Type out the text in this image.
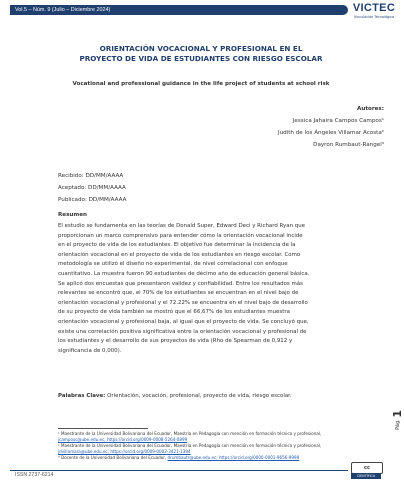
Vol.5 – Núm. 9 (Julio – Diciembre 2024)	VICTEC
Vinculación Tecnológica
ORIENTACIÓN VOCACIONAL Y PROFESIONAL EN EL
PROYECTO DE VIDA DE ESTUDIANTES CON RIESGO ESCOLAR
Vocational and professional guidance in the life project of students at school risk
Autores:
Jessica Jahaira Campos Campos¹
Judith de los Ángeles Villamar Acosta²
Dayron Rumbaut-Rangel³
Recibido: DD/MM/AAAA
Aceptado: DD/MM/AAAA
Publicado: DD/MM/AAAA
Resumen
El estudio se fundamenta en las teorías de Donald Super, Edward Deci y Richard Ryan que
proporcionan un marco comprensivo para entender cómo la orientación vocacional incide
en el proyecto de vida de los estudiantes. El objetivo fue determinar la incidencia de la
orientación vocacional en el proyecto de vida de los estudiantes en riesgo escolar. Como
metodología se utilizó el diseño no experimental, de nivel correlacional con enfoque
cuantitativo. La muestra fueron 90 estudiantes de décimo año de educación general básica.
Se aplicó dos encuestas que presentaron validez y confiabilidad. Entre los resultados más
relevantes se encontró que, el 70% de los estudiantes se encuentran en el nivel bajo de
orientación vocacional y profesional y el 72.22% se encuentra en el nivel bajo de desarrollo
de su proyecto de vida también se mostró que el 66,67% de los estudiantes muestra
orientación vocacional y profesional baja, al igual que el proyecto de vida. Se concluyó que,
existe una correlación positiva significativa entre la orientación vocacional y profesional de
los estudiantes y el desarrollo de sus proyectos de vida (Rho de Spearman de 0,912 y
significancia de 0,000).
Palabras Clave: Orientación, vocación, profesional, proyecto de vida, riesgo escolar.
¹ Maestrante de la Universidad Bolivariana del Ecuador, Maestría en Pedagogía con mención en formación técnica y profesional, jcamposc@ube.edu.ec; https://orcid.org/0009-0008-5264-0899
² Maestrante de la Universidad Bolivariana del Ecuador, Maestría en Pedagogía con mención en formación técnica y profesional, jdvillamara@ube.edu.ec; https://orcid.org/0009-0002-3421-1394
³ Docente de la Universidad Bolivariana del Ecuador, drumbautr@ube.edu.ec; https://orcid.org/0000-0001-9656-9999
ISSN 2737-6214
Pág. 1
cc
CIENTÍFICA
